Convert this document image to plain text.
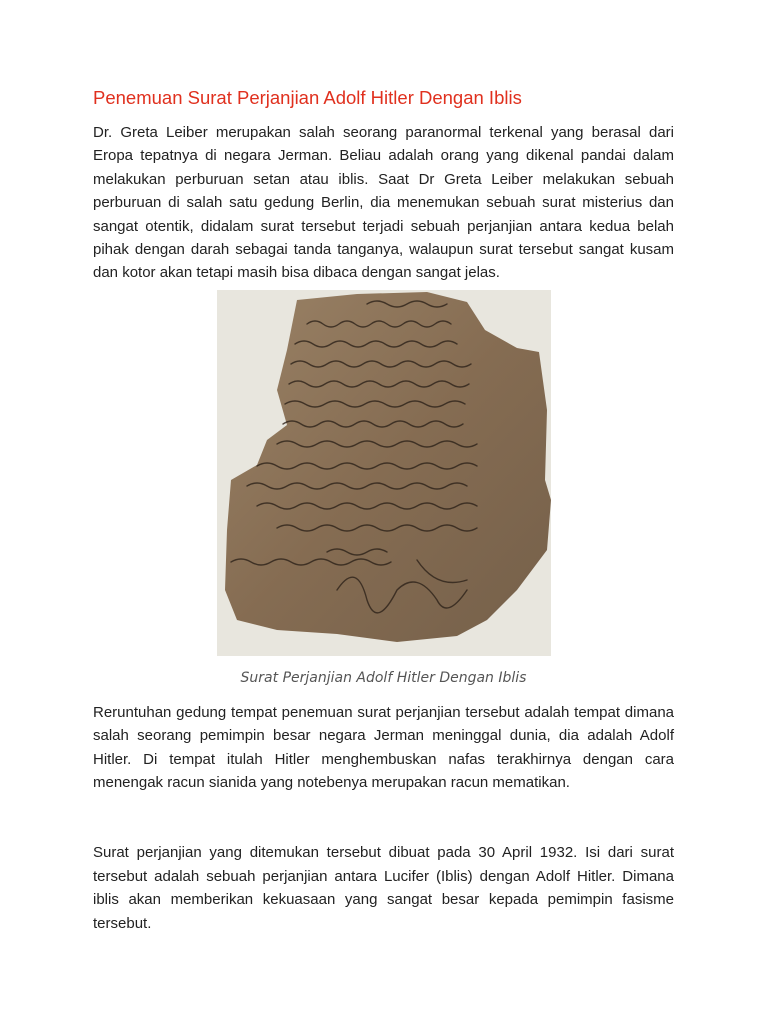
Penemuan Surat Perjanjian Adolf Hitler Dengan Iblis

Dr. Greta Leiber merupakan salah seorang paranormal terkenal yang berasal dari Eropa tepatnya di negara Jerman. Beliau adalah orang yang dikenal pandai dalam melakukan perburuan setan atau iblis. Saat Dr Greta Leiber melakukan sebuah perburuan di salah satu gedung Berlin, dia menemukan sebuah surat misterius dan sangat otentik, didalam surat tersebut terjadi sebuah perjanjian antara kedua belah pihak dengan darah sebagai tanda tanganya, walaupun surat tersebut sangat kusam dan kotor akan tetapi masih bisa dibaca dengan sangat jelas.

Surat Perjanjian Adolf Hitler Dengan Iblis

Reruntuhan gedung tempat penemuan surat perjanjian tersebut adalah tempat dimana salah seorang pemimpin besar negara Jerman meninggal dunia, dia adalah Adolf Hitler. Di tempat itulah Hitler menghembuskan nafas terakhirnya dengan cara menengak racun sianida yang notebenya merupakan racun mematikan.

Surat perjanjian yang ditemukan tersebut dibuat pada 30 April 1932. Isi dari surat tersebut adalah sebuah perjanjian antara Lucifer (Iblis) dengan Adolf Hitler. Dimana iblis akan memberikan kekuasaan yang sangat besar kepada pemimpin fasisme tersebut.
